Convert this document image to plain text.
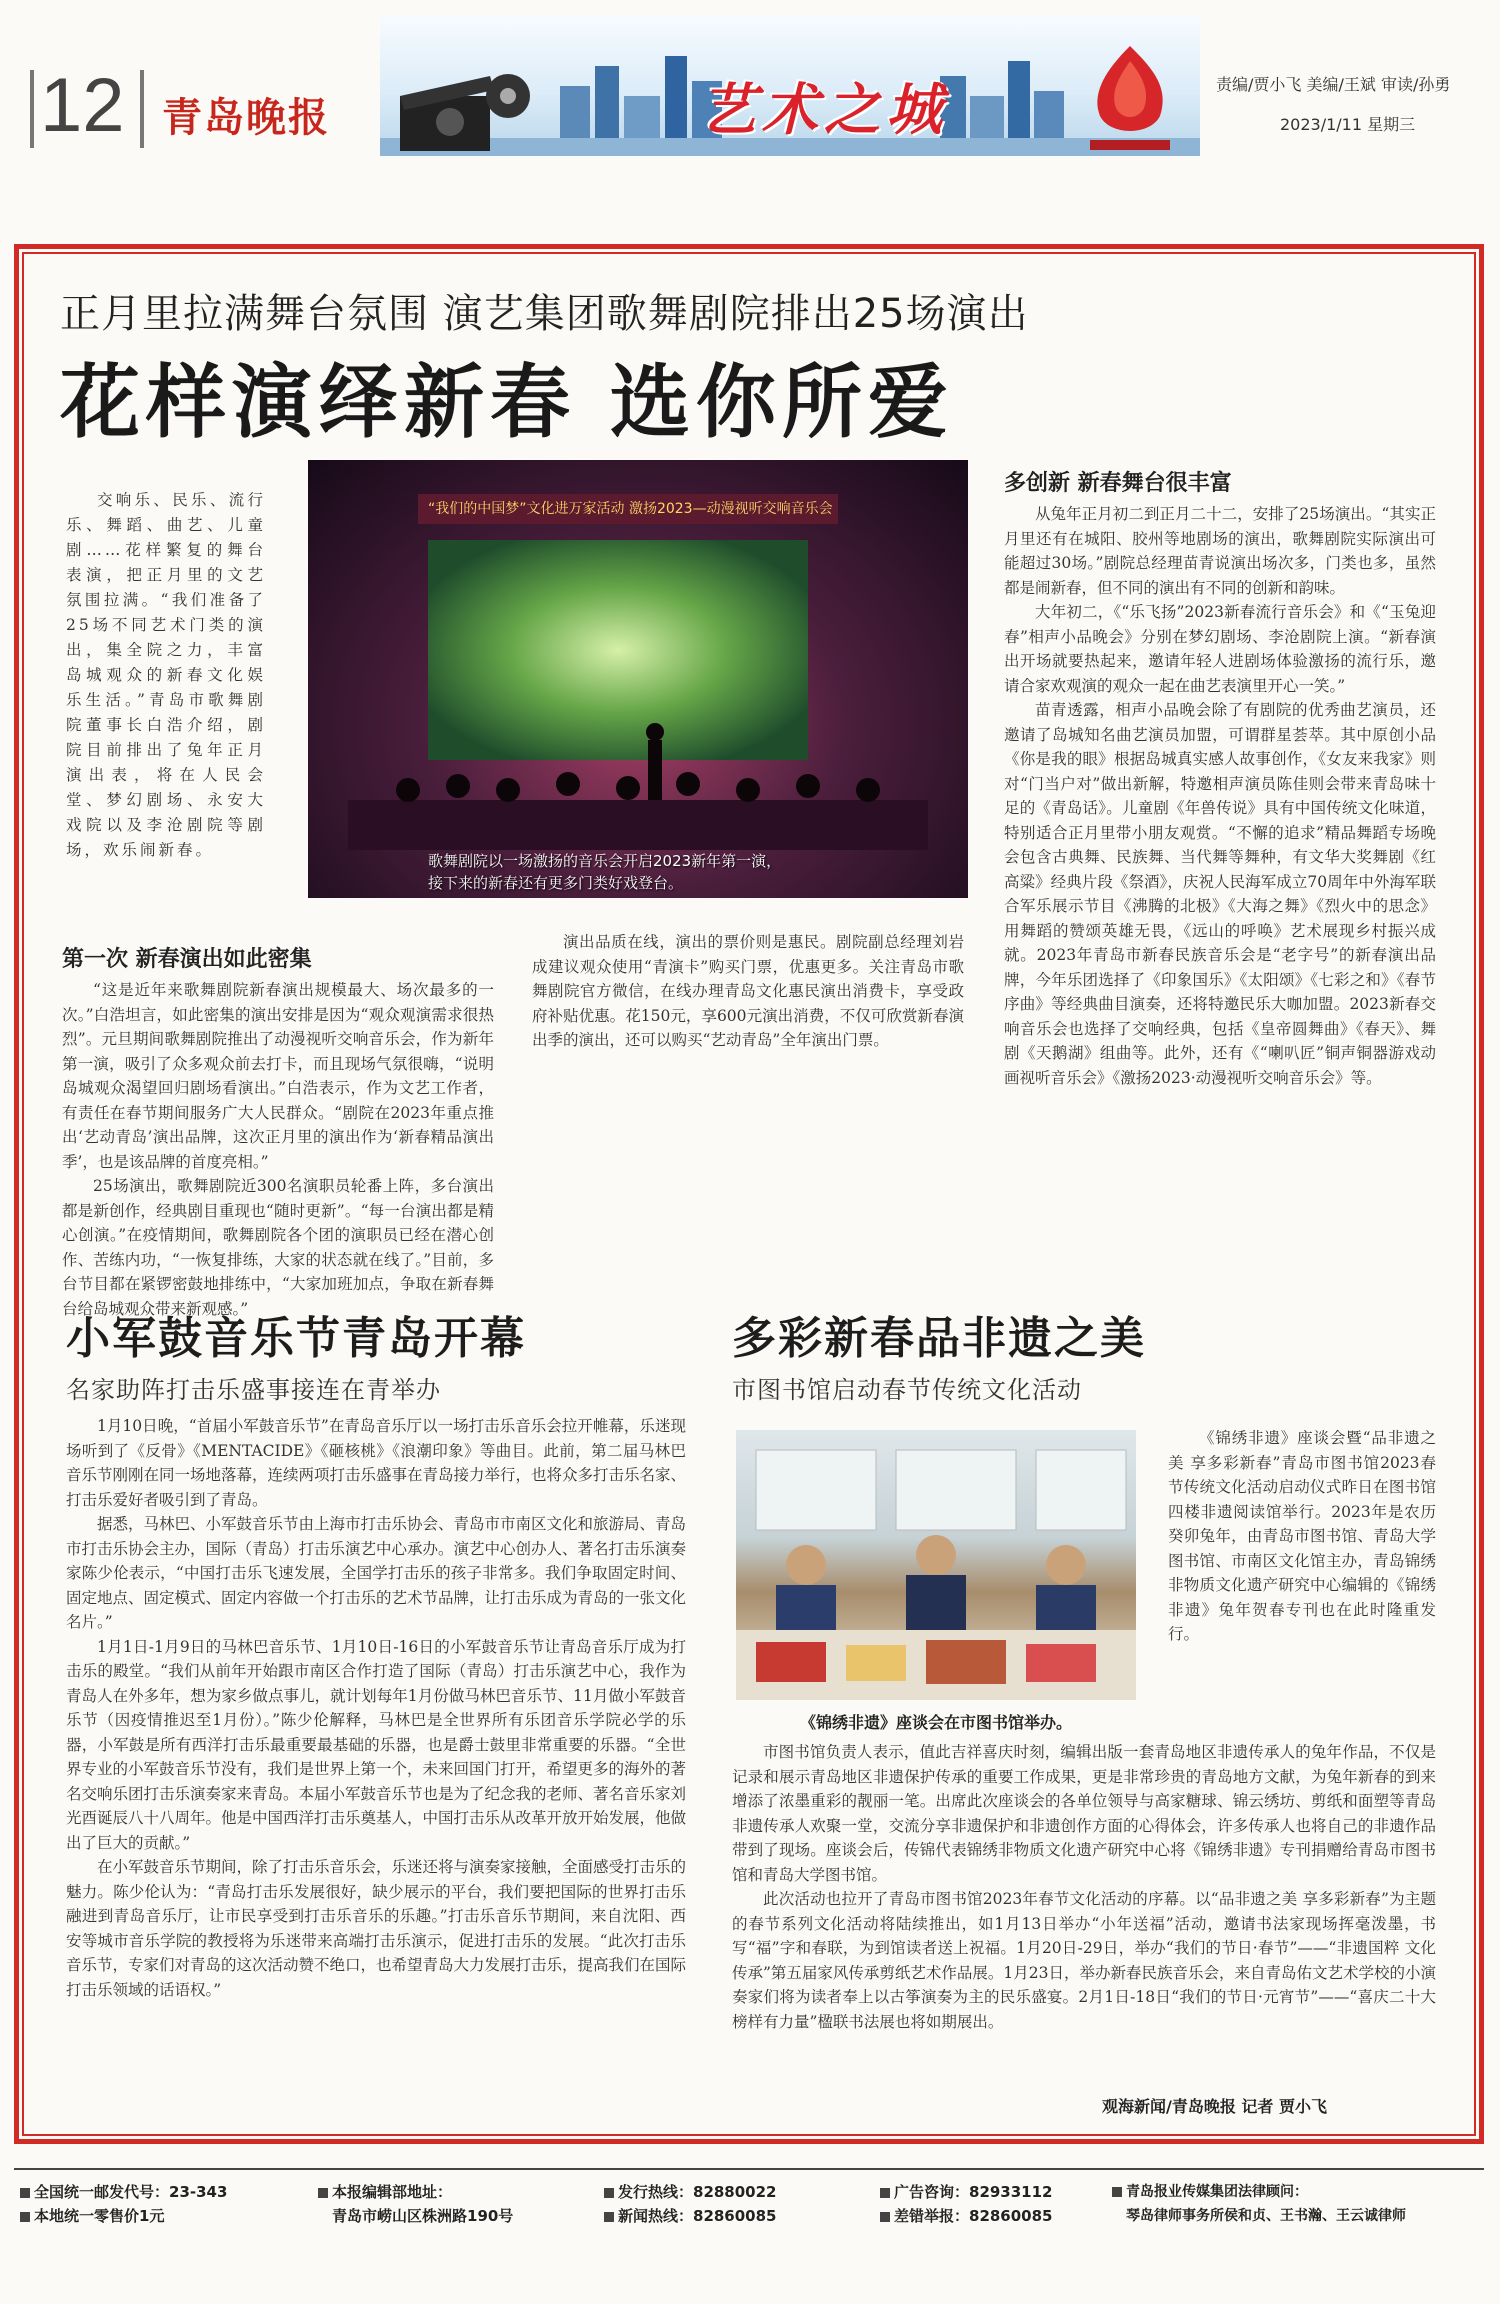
12 青岛晚报	艺术之城	责编/贾小飞 美编/王斌 审读/孙勇
2023/1/11 星期三
正月里拉满舞台氛围 演艺集团歌舞剧院排出25场演出
花样演绎新春 选你所爱

交响乐、民乐、流行乐、舞蹈、曲艺、儿童剧……花样繁复的舞台表演，把正月里的文艺氛围拉满。“我们准备了25场不同艺术门类的演出，集全院之力，丰富岛城观众的新春文化娱乐生活。”青岛市歌舞剧院董事长白浩介绍，剧院目前排出了兔年正月演出表，将在人民会堂、梦幻剧场、永安大戏院以及李沧剧院等剧场，欢乐闹新春。

“我们的中国梦”文化进万家活动 激扬2023—动漫视听交响音乐会
歌舞剧院以一场激扬的音乐会开启2023新年第一演，
接下来的新春还有更多门类好戏登台。
第一次 新春演出如此密集

“这是近年来歌舞剧院新春演出规模最大、场次最多的一次。”白浩坦言，如此密集的演出安排是因为“观众观演需求很热烈”。元旦期间歌舞剧院推出了动漫视听交响音乐会，作为新年第一演，吸引了众多观众前去打卡，而且现场气氛很嗨，“说明岛城观众渴望回归剧场看演出。”白浩表示，作为文艺工作者，有责任在春节期间服务广大人民群众。“剧院在2023年重点推出‘艺动青岛’演出品牌，这次正月里的演出作为‘新春精品演出季’，也是该品牌的首度亮相。”

25场演出，歌舞剧院近300名演职员轮番上阵，多台演出都是新创作，经典剧目重现也“随时更新”。“每一台演出都是精心创演。”在疫情期间，歌舞剧院各个团的演职员已经在潜心创作、苦练内功，“一恢复排练，大家的状态就在线了。”目前，多台节目都在紧锣密鼓地排练中，“大家加班加点，争取在新春舞台给岛城观众带来新观感。”

演出品质在线，演出的票价则是惠民。剧院副总经理刘岩成建议观众使用“青演卡”购买门票，优惠更多。关注青岛市歌舞剧院官方微信，在线办理青岛文化惠民演出消费卡，享受政府补贴优惠。花150元，享600元演出消费，不仅可欣赏新春演出季的演出，还可以购买“艺动青岛”全年演出门票。

多创新 新春舞台很丰富

从兔年正月初二到正月二十二，安排了25场演出。“其实正月里还有在城阳、胶州等地剧场的演出，歌舞剧院实际演出可能超过30场。”剧院总经理苗青说演出场次多，门类也多，虽然都是闹新春，但不同的演出有不同的创新和韵味。

大年初二，《“乐飞扬”2023新春流行音乐会》和《“玉兔迎春”相声小品晚会》分别在梦幻剧场、李沧剧院上演。“新春演出开场就要热起来，邀请年轻人进剧场体验激扬的流行乐，邀请合家欢观演的观众一起在曲艺表演里开心一笑。”

苗青透露，相声小品晚会除了有剧院的优秀曲艺演员，还邀请了岛城知名曲艺演员加盟，可谓群星荟萃。其中原创小品《你是我的眼》根据岛城真实感人故事创作，《女友来我家》则对“门当户对”做出新解，特邀相声演员陈佳则会带来青岛味十足的《青岛话》。儿童剧《年兽传说》具有中国传统文化味道，特别适合正月里带小朋友观赏。“不懈的追求”精品舞蹈专场晚会包含古典舞、民族舞、当代舞等舞种，有文华大奖舞剧《红高粱》经典片段《祭酒》，庆祝人民海军成立70周年中外海军联合军乐展示节目《沸腾的北极》《大海之舞》《烈火中的思念》用舞蹈的赞颂英雄无畏，《远山的呼唤》艺术展现乡村振兴成就。2023年青岛市新春民族音乐会是“老字号”的新春演出品牌，今年乐团选择了《印象国乐》《太阳颂》《七彩之和》《春节序曲》等经典曲目演奏，还将特邀民乐大咖加盟。2023新春交响音乐会也选择了交响经典，包括《皇帝圆舞曲》《春天》、舞剧《天鹅湖》组曲等。此外，还有《“喇叭匠”铜声铜器游戏动画视听音乐会》《激扬2023·动漫视听交响音乐会》等。

小军鼓音乐节青岛开幕
名家助阵打击乐盛事接连在青举办

1月10日晚，“首届小军鼓音乐节”在青岛音乐厅以一场打击乐音乐会拉开帷幕，乐迷现场听到了《反骨》《MENTACIDE》《砸核桃》《浪潮印象》等曲目。此前，第二届马林巴音乐节刚刚在同一场地落幕，连续两项打击乐盛事在青岛接力举行，也将众多打击乐名家、打击乐爱好者吸引到了青岛。

据悉，马林巴、小军鼓音乐节由上海市打击乐协会、青岛市市南区文化和旅游局、青岛市打击乐协会主办，国际（青岛）打击乐演艺中心承办。演艺中心创办人、著名打击乐演奏家陈少伦表示，“中国打击乐飞速发展，全国学打击乐的孩子非常多。我们争取固定时间、固定地点、固定模式、固定内容做一个打击乐的艺术节品牌，让打击乐成为青岛的一张文化名片。”

1月1日-1月9日的马林巴音乐节、1月10日-16日的小军鼓音乐节让青岛音乐厅成为打击乐的殿堂。“我们从前年开始跟市南区合作打造了国际（青岛）打击乐演艺中心，我作为青岛人在外多年，想为家乡做点事儿，就计划每年1月份做马林巴音乐节、11月做小军鼓音乐节（因疫情推迟至1月份）。”陈少伦解释，马林巴是全世界所有乐团音乐学院必学的乐器，小军鼓是所有西洋打击乐最重要最基础的乐器，也是爵士鼓里非常重要的乐器。“全世界专业的小军鼓音乐节没有，我们是世界上第一个，未来回国门打开，希望更多的海外的著名交响乐团打击乐演奏家来青岛。本届小军鼓音乐节也是为了纪念我的老师、著名音乐家刘光酉诞辰八十八周年。他是中国西洋打击乐奠基人，中国打击乐从改革开放开始发展，他做出了巨大的贡献。”

在小军鼓音乐节期间，除了打击乐音乐会，乐迷还将与演奏家接触，全面感受打击乐的魅力。陈少伦认为：“青岛打击乐发展很好，缺少展示的平台，我们要把国际的世界打击乐融进到青岛音乐厅，让市民享受到打击乐音乐的乐趣。”打击乐音乐节期间，来自沈阳、西安等城市音乐学院的教授将为乐迷带来高端打击乐演示，促进打击乐的发展。“此次打击乐音乐节，专家们对青岛的这次活动赞不绝口，也希望青岛大力发展打击乐，提高我们在国际打击乐领域的话语权。”

多彩新春品非遗之美
市图书馆启动春节传统文化活动
《锦绣非遗》座谈会在市图书馆举办。

《锦绣非遗》座谈会暨“品非遗之美 享多彩新春”青岛市图书馆2023春节传统文化活动启动仪式昨日在图书馆四楼非遗阅读馆举行。2023年是农历癸卯兔年，由青岛市图书馆、青岛大学图书馆、市南区文化馆主办，青岛锦绣非物质文化遗产研究中心编辑的《锦绣非遗》兔年贺春专刊也在此时隆重发行。

市图书馆负责人表示，值此吉祥喜庆时刻，编辑出版一套青岛地区非遗传承人的兔年作品，不仅是记录和展示青岛地区非遗保护传承的重要工作成果，更是非常珍贵的青岛地方文献，为兔年新春的到来增添了浓墨重彩的靓丽一笔。出席此次座谈会的各单位领导与高家糖球、锦云绣坊、剪纸和面塑等青岛非遗传承人欢聚一堂，交流分享非遗保护和非遗创作方面的心得体会，许多传承人也将自己的非遗作品带到了现场。座谈会后，传锦代表锦绣非物质文化遗产研究中心将《锦绣非遗》专刊捐赠给青岛市图书馆和青岛大学图书馆。

此次活动也拉开了青岛市图书馆2023年春节文化活动的序幕。以“品非遗之美 享多彩新春”为主题的春节系列文化活动将陆续推出，如1月13日举办“小年送福”活动，邀请书法家现场挥毫泼墨，书写“福”字和春联，为到馆读者送上祝福。1月20日-29日，举办“我们的节日·春节”——“非遗国粹 文化传承”第五届家风传承剪纸艺术作品展。1月23日，举办新春民族音乐会，来自青岛佑文艺术学校的小演奏家们将为读者奉上以古筝演奏为主的民乐盛宴。2月1日-18日“我们的节日·元宵节”——“喜庆二十大 榜样有力量”楹联书法展也将如期展出。

观海新闻/青岛晚报 记者 贾小飞
全国统一邮发代号：23-343
本地统一零售价1元
本报编辑部地址：
青岛市崂山区株洲路190号
发行热线：82880022
新闻热线：82860085
广告咨询：82933112
差错举报：82860085
青岛报业传媒集团法律顾问：
琴岛律师事务所侯和贞、王书瀚、王云诚律师
